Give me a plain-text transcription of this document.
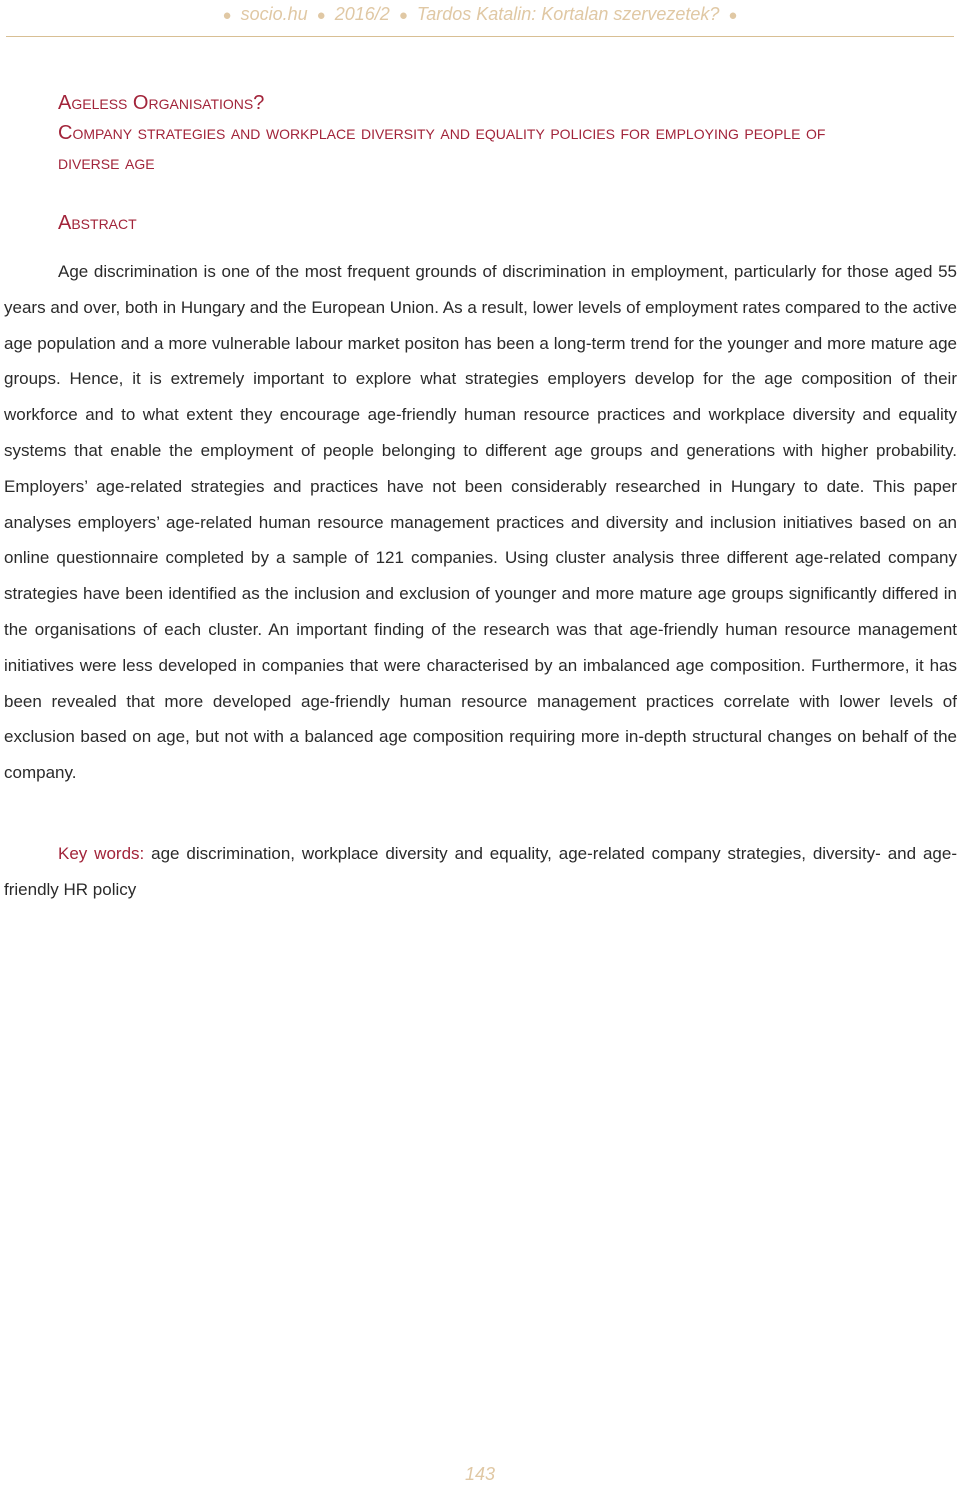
● socio.hu ● 2016/2 ● Tardos Katalin: Kortalan szervezetek? ●
Ageless Organisations?
Company strategies and workplace diversity and equality policies for employing people of
diverse age
Abstract

Age discrimination is one of the most frequent grounds of discrimination in employment, particularly for those aged 55 years and over, both in Hungary and the European Union. As a result, lower levels of employment rates compared to the active age population and a more vulnerable labour market positon has been a long-term trend for the younger and more mature age groups. Hence, it is extremely important to explore what strategies employers develop for the age composition of their workforce and to what extent they encourage age-friendly human resource practices and workplace diversity and equality systems that enable the employment of people belonging to different age groups and generations with higher probability. Employers’ age-related strategies and practices have not been considerably researched in Hungary to date. This paper analyses employers’ age-related human resource management practices and diversity and inclusion initiatives based on an online questionnaire completed by a sample of 121 companies. Using cluster analysis three different age-related company strategies have been identified as the inclusion and exclusion of younger and more mature age groups significantly differed in the organisations of each cluster. An important finding of the research was that age-friendly human resource management initiatives were less developed in companies that were characterised by an imbalanced age composition. Furthermore, it has been revealed that more developed age-friendly human resource management practices correlate with lower levels of exclusion based on age, but not with a balanced age composition requiring more in-depth structural changes on behalf of the company.

Key words: age discrimination, workplace diversity and equality, age-related company strategies, diversity- and age-friendly HR policy

143
